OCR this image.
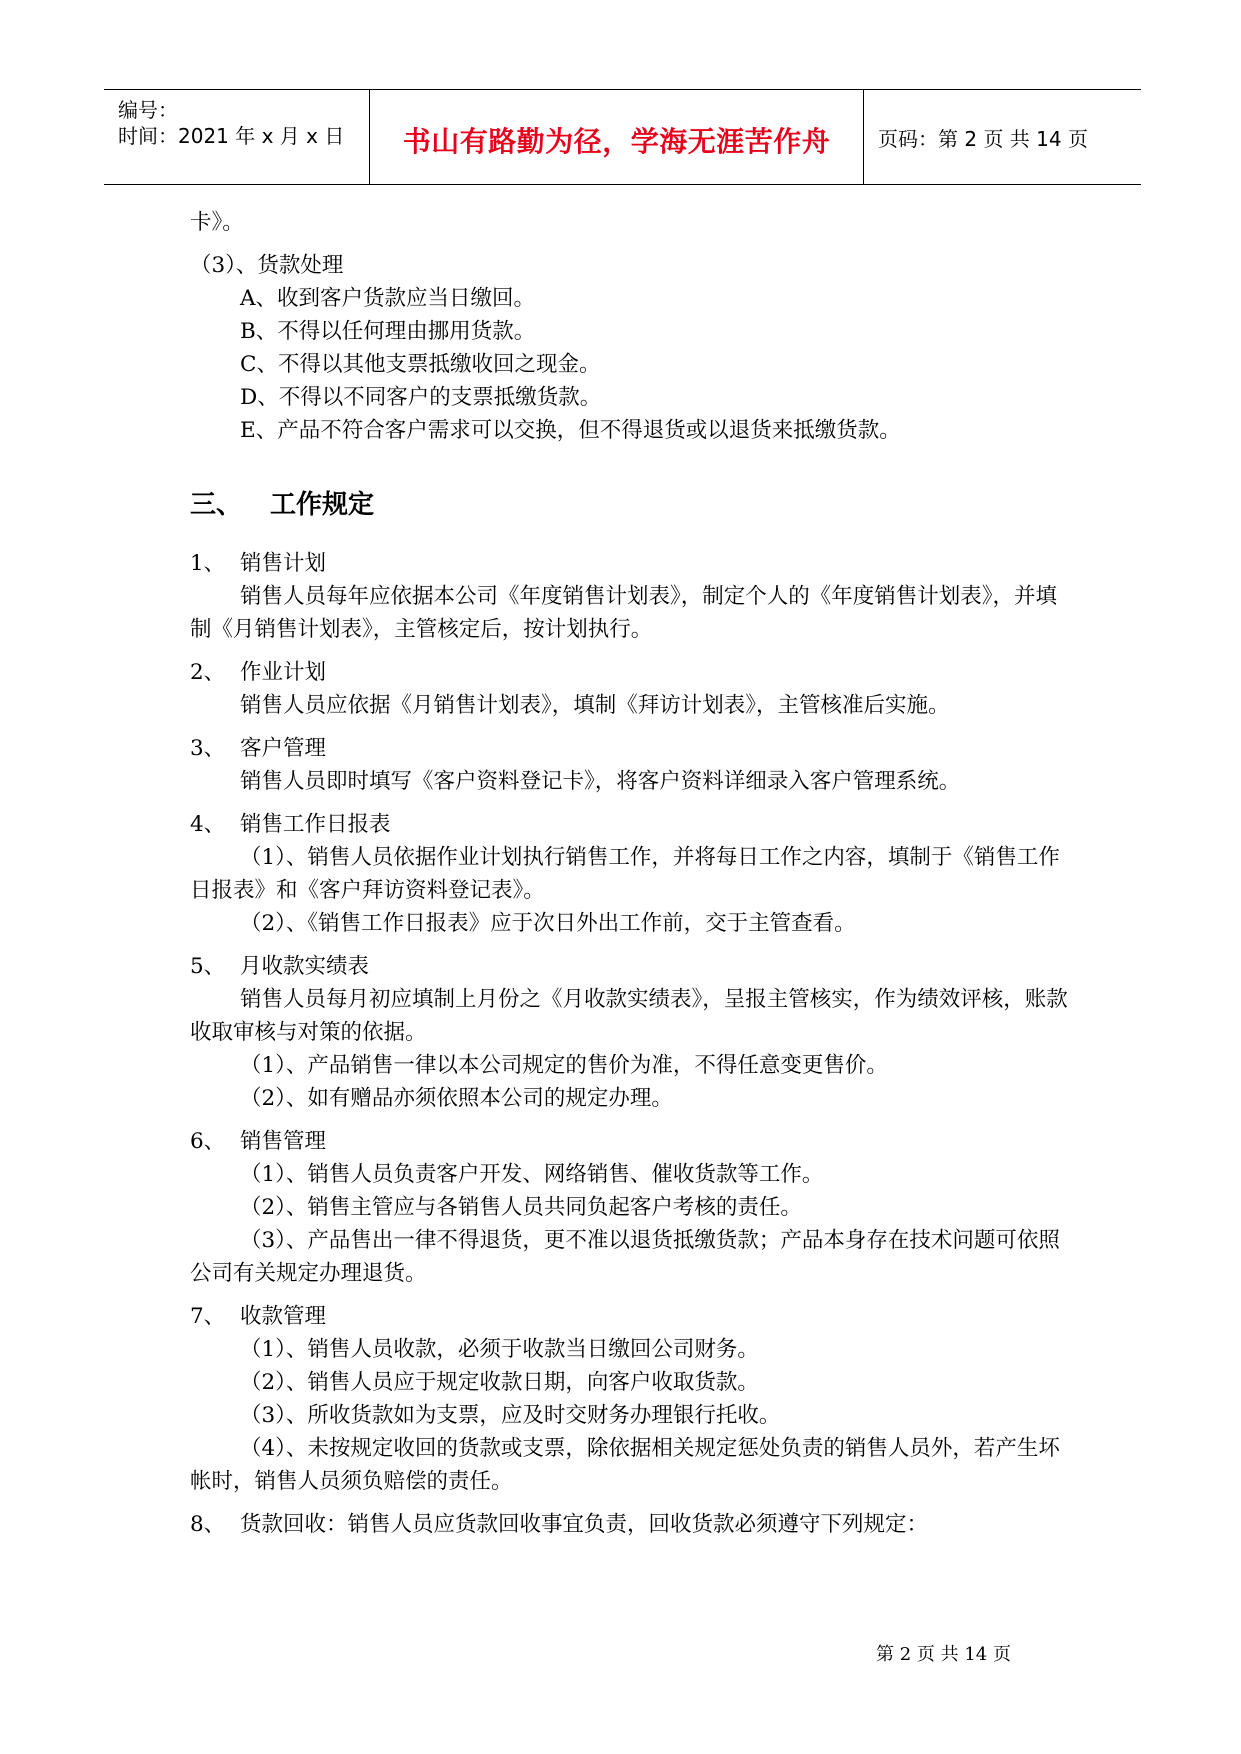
编号：
时间：2021 年 x 月 x 日	书山有路勤为径，学海无涯苦作舟	页码：第 2 页 共 14 页

卡》。

（3）、货款处理

A、收到客户货款应当日缴回。

B、不得以任何理由挪用货款。

C、不得以其他支票抵缴收回之现金。

D、不得以不同客户的支票抵缴货款。

E、产品不符合客户需求可以交换，但不得退货或以退货来抵缴货款。

三、	工作规定
1、 销售计划

销售人员每年应依据本公司《年度销售计划表》，制定个人的《年度销售计划表》，并填制《月销售计划表》，主管核定后，按计划执行。

2、 作业计划

销售人员应依据《月销售计划表》，填制《拜访计划表》，主管核准后实施。

3、 客户管理

销售人员即时填写《客户资料登记卡》，将客户资料详细录入客户管理系统。

4、 销售工作日报表

（1）、销售人员依据作业计划执行销售工作，并将每日工作之内容，填制于《销售工作日报表》和《客户拜访资料登记表》。

（2）、《销售工作日报表》应于次日外出工作前，交于主管查看。

5、 月收款实绩表

销售人员每月初应填制上月份之《月收款实绩表》，呈报主管核实，作为绩效评核，账款收取审核与对策的依据。

（1）、产品销售一律以本公司规定的售价为准，不得任意变更售价。

（2）、如有赠品亦须依照本公司的规定办理。

6、 销售管理

（1）、销售人员负责客户开发、网络销售、催收货款等工作。

（2）、销售主管应与各销售人员共同负起客户考核的责任。

（3）、产品售出一律不得退货，更不准以退货抵缴货款；产品本身存在技术问题可依照公司有关规定办理退货。

7、 收款管理

（1）、销售人员收款，必须于收款当日缴回公司财务。

（2）、销售人员应于规定收款日期，向客户收取货款。

（3）、所收货款如为支票，应及时交财务办理银行托收。

（4）、未按规定收回的货款或支票，除依据相关规定惩处负责的销售人员外，若产生坏帐时，销售人员须负赔偿的责任。

8、 货款回收：销售人员应货款回收事宜负责，回收货款必须遵守下列规定：
第 2 页 共 14 页
